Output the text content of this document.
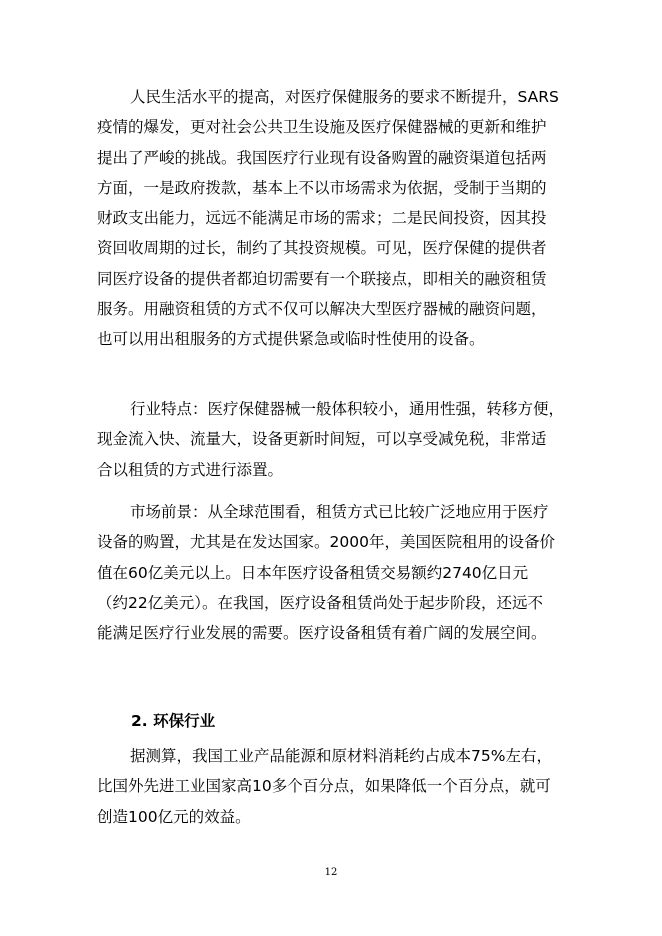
人民生活水平的提高，对医疗保健服务的要求不断提升，SARS
疫情的爆发，更对社会公共卫生设施及医疗保健器械的更新和维护
提出了严峻的挑战。我国医疗行业现有设备购置的融资渠道包括两
方面，一是政府拨款，基本上不以市场需求为依据，受制于当期的
财政支出能力，远远不能满足市场的需求；二是民间投资，因其投
资回收周期的过长，制约了其投资规模。可见，医疗保健的提供者
同医疗设备的提供者都迫切需要有一个联接点，即相关的融资租赁
服务。用融资租赁的方式不仅可以解决大型医疗器械的融资问题，
也可以用出租服务的方式提供紧急或临时性使用的设备。

行业特点：医疗保健器械一般体积较小，通用性强，转移方便，
现金流入快、流量大，设备更新时间短，可以享受减免税，非常适
合以租赁的方式进行添置。

市场前景：从全球范围看，租赁方式已比较广泛地应用于医疗
设备的购置，尤其是在发达国家。2000年，美国医院租用的设备价
值在60亿美元以上。日本年医疗设备租赁交易额约2740亿日元
（约22亿美元）。在我国，医疗设备租赁尚处于起步阶段，还远不
能满足医疗行业发展的需要。医疗设备租赁有着广阔的发展空间。

2. 环保行业

据测算，我国工业产品能源和原材料消耗约占成本75%左右，
比国外先进工业国家高10多个百分点，如果降低一个百分点，就可
创造100亿元的效益。

12
